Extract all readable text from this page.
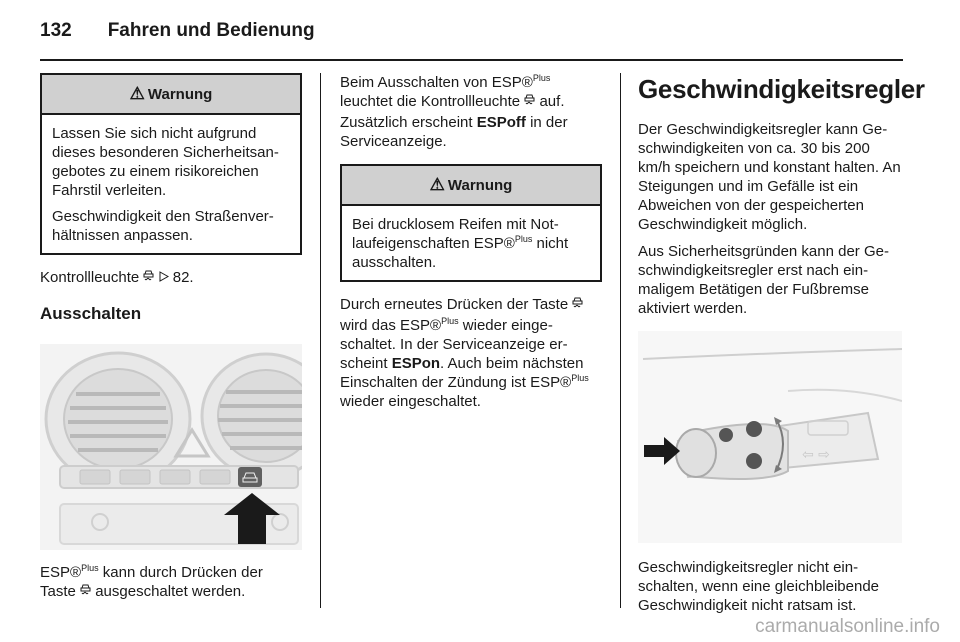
132 Fahren und Bedienung
⚠ Warnung

Lassen Sie sich nicht aufgrund dieses besonderen Sicherheitsangebotes zu einem risikoreichen Fahrstil verleiten.

Geschwindigkeit den Straßenverhältnissen anpassen.

Kontrollleuchte 82.

Ausschalten

ESP®$^{Plus}$ kann durch Drücken der Taste  ausgeschaltet werden.

Beim Ausschalten von ESP®$^{Plus}$ leuchtet die Kontrollleuchte  auf. Zusätzlich erscheint ESPoff in der Serviceanzeige.

⚠ Warnung

Bei drucklosem Reifen mit Notlaufeigenschaften ESP®$^{Plus}$ nicht ausschalten.

Durch erneutes Drücken der Taste  wird das ESP®$^{Plus}$ wieder eingeschaltet. In der Serviceanzeige erscheint ESPon. Auch beim nächsten Einschalten der Zündung ist ESP®$^{Plus}$ wieder eingeschaltet.

Geschwindigkeitsregler

Der Geschwindigkeitsregler kann Geschwindigkeiten von ca. 30 bis 200 km/h speichern und konstant halten. An Steigungen und im Gefälle ist ein Abweichen von der gespeicherten Geschwindigkeit möglich.

Aus Sicherheitsgründen kann der Geschwindigkeitsregler erst nach einmaligem Betätigen der Fußbremse aktiviert werden.

⇦ ⇨

Geschwindigkeitsregler nicht einschalten, wenn eine gleichbleibende Geschwindigkeit nicht ratsam ist.

carmanualsonline.info
